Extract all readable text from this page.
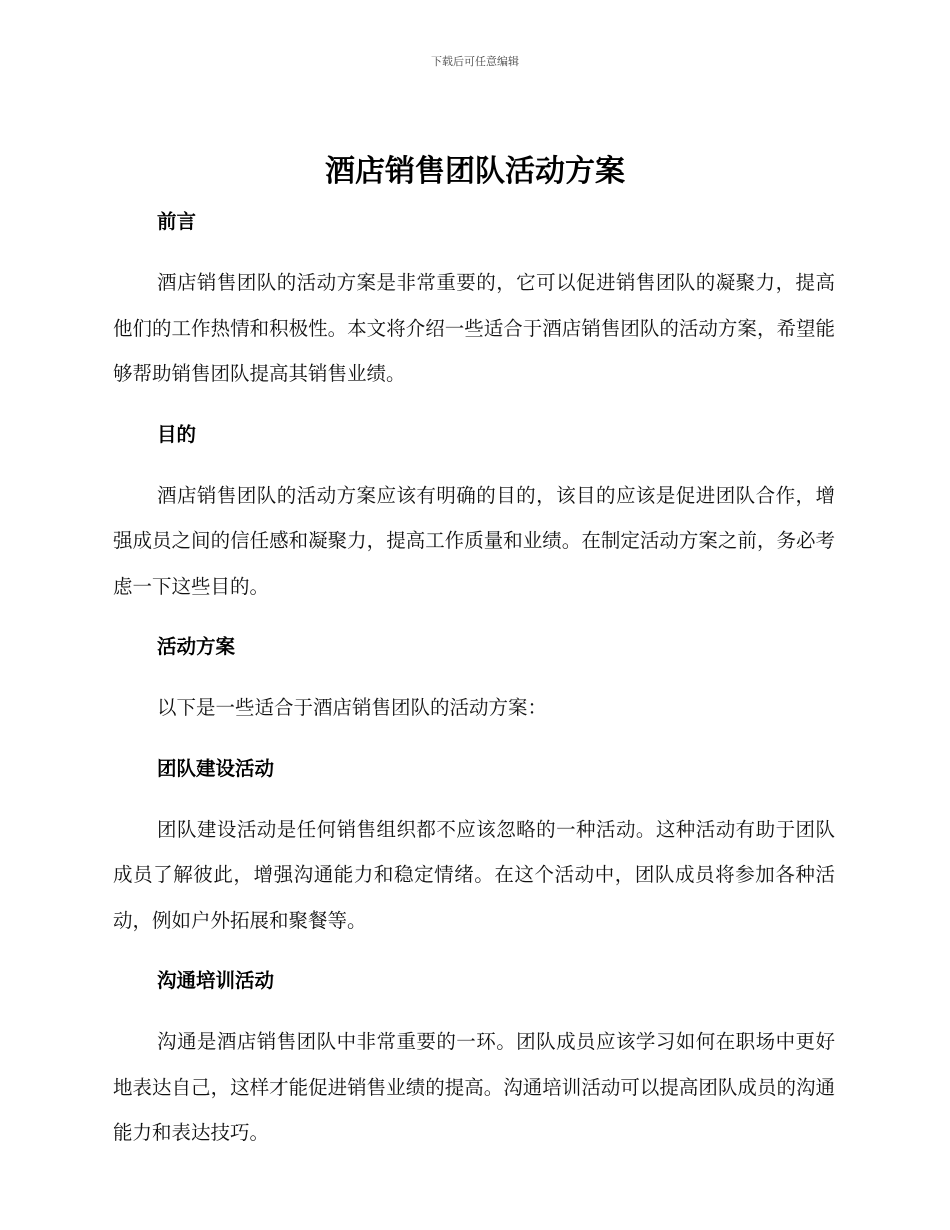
下载后可任意编辑
酒店销售团队活动方案
前言

酒店销售团队的活动方案是非常重要的，它可以促进销售团队的凝聚力，提高他们的工作热情和积极性。本文将介绍一些适合于酒店销售团队的活动方案，希望能够帮助销售团队提高其销售业绩。

目的

酒店销售团队的活动方案应该有明确的目的，该目的应该是促进团队合作，增强成员之间的信任感和凝聚力，提高工作质量和业绩。在制定活动方案之前，务必考虑一下这些目的。

活动方案

以下是一些适合于酒店销售团队的活动方案：

团队建设活动

团队建设活动是任何销售组织都不应该忽略的一种活动。这种活动有助于团队成员了解彼此，增强沟通能力和稳定情绪。在这个活动中，团队成员将参加各种活动，例如户外拓展和聚餐等。

沟通培训活动

沟通是酒店销售团队中非常重要的一环。团队成员应该学习如何在职场中更好地表达自己，这样才能促进销售业绩的提高。沟通培训活动可以提高团队成员的沟通能力和表达技巧。
